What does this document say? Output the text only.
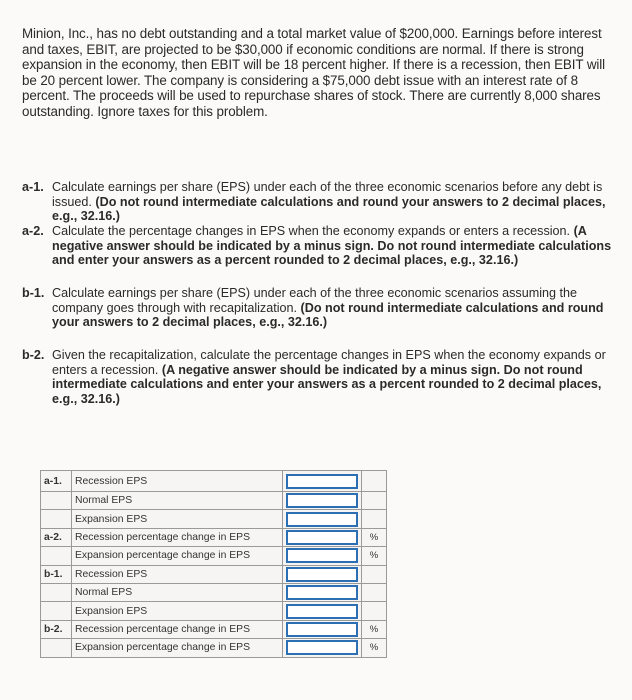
Minion, Inc., has no debt outstanding and a total market value of $200,000. Earnings before interest and taxes, EBIT, are projected to be $30,000 if economic conditions are normal. If there is strong expansion in the economy, then EBIT will be 18 percent higher. If there is a recession, then EBIT will be 20 percent lower. The company is considering a $75,000 debt issue with an interest rate of 8 percent. The proceeds will be used to repurchase shares of stock. There are currently 8,000 shares outstanding. Ignore taxes for this problem.
a-1. Calculate earnings per share (EPS) under each of the three economic scenarios before any debt is issued. (Do not round intermediate calculations and round your answers to 2 decimal places, e.g., 32.16.)
a-2. Calculate the percentage changes in EPS when the economy expands or enters a recession. (A negative answer should be indicated by a minus sign. Do not round intermediate calculations and enter your answers as a percent rounded to 2 decimal places, e.g., 32.16.)
b-1. Calculate earnings per share (EPS) under each of the three economic scenarios assuming the company goes through with recapitalization. (Do not round intermediate calculations and round your answers to 2 decimal places, e.g., 32.16.)
b-2. Given the recapitalization, calculate the percentage changes in EPS when the economy expands or enters a recession. (A negative answer should be indicated by a minus sign. Do not round intermediate calculations and enter your answers as a percent rounded to 2 decimal places, e.g., 32.16.)
a-1.	Recession EPS	

	Normal EPS	

	Expansion EPS	

a-2.	Recession percentage change in EPS		%
	Expansion percentage change in EPS		%
b-1.	Recession EPS	

	Normal EPS	

	Expansion EPS	

b-2.	Recession percentage change in EPS		%
	Expansion percentage change in EPS		%
